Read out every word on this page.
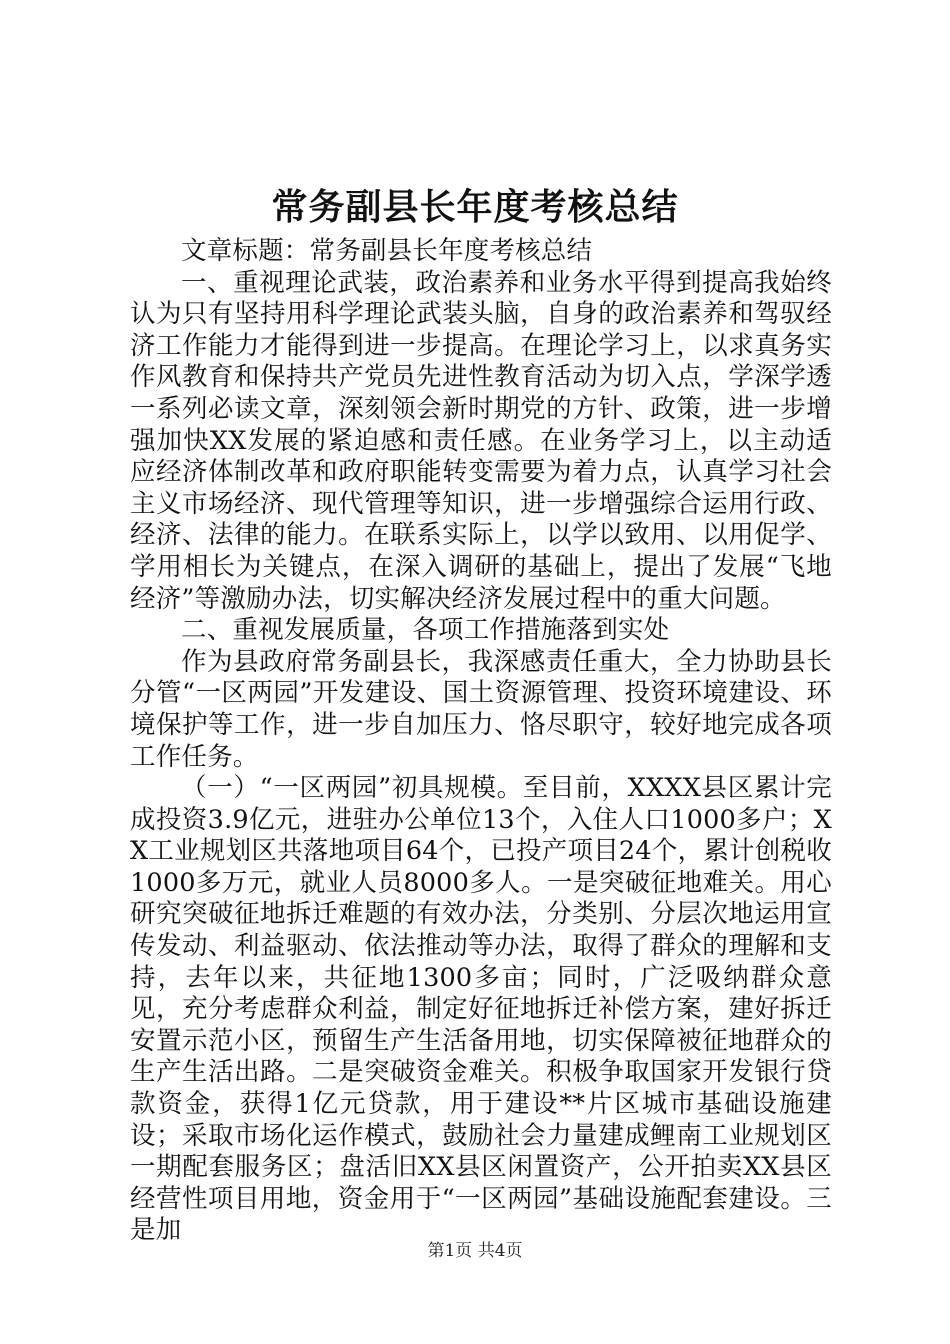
常务副县长年度考核总结

文章标题：常务副县长年度考核总结

一、重视理论武装，政治素养和业务水平得到提高我始终认为只有坚持用科学理论武装头脑，自身的政治素养和驾驭经济工作能力才能得到进一步提高。在理论学习上，以求真务实作风教育和保持共产党员先进性教育活动为切入点，学深学透一系列必读文章，深刻领会新时期党的方针、政策，进一步增强加快XX发展的紧迫感和责任感。在业务学习上，以主动适应经济体制改革和政府职能转变需要为着力点，认真学习社会主义市场经济、现代管理等知识，进一步增强综合运用行政、经济、法律的能力。在联系实际上，以学以致用、以用促学、学用相长为关键点，在深入调研的基础上，提出了发展“飞地经济”等激励办法，切实解决经济发展过程中的重大问题。

二、重视发展质量，各项工作措施落到实处

作为县政府常务副县长，我深感责任重大，全力协助县长分管“一区两园”开发建设、国土资源管理、投资环境建设、环境保护等工作，进一步自加压力、恪尽职守，较好地完成各项工作任务。

（一）“一区两园”初具规模。至目前，XXXX县区累计完成投资3.9亿元，进驻办公单位13个，入住人口1000多户；XX工业规划区共落地项目64个，已投产项目24个，累计创税收1000多万元，就业人员8000多人。一是突破征地难关。用心研究突破征地拆迁难题的有效办法，分类别、分层次地运用宣传发动、利益驱动、依法推动等办法，取得了群众的理解和支持，去年以来，共征地1300多亩；同时，广泛吸纳群众意见，充分考虑群众利益，制定好征地拆迁补偿方案，建好拆迁安置示范小区，预留生产生活备用地，切实保障被征地群众的生产生活出路。二是突破资金难关。积极争取国家开发银行贷款资金，获得1亿元贷款，用于建设**片区城市基础设施建设；采取市场化运作模式，鼓励社会力量建成鲤南工业规划区一期配套服务区；盘活旧XX县区闲置资产，公开拍卖XX县区经营性项目用地，资金用于“一区两园”基础设施配套建设。三是加

第1页 共4页
